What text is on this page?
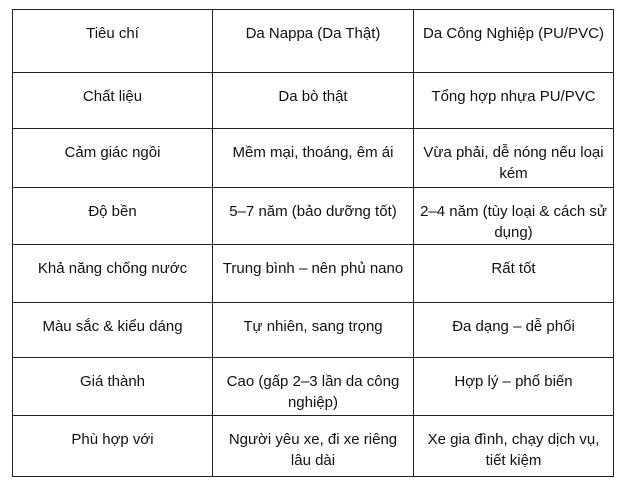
Tiêu chí	Da Nappa (Da Thật)	Da Công Nghiệp (PU/PVC)
Chất liệu	Da bò thật	Tổng hợp nhựa PU/PVC
Cảm giác ngồi	Mềm mại, thoáng, êm ái	Vừa phải, dễ nóng nếu loại kém
Độ bền	5–7 năm (bảo dưỡng tốt)	2–4 năm (tùy loại & cách sử dụng)
Khả năng chống nước	Trung bình – nên phủ nano	Rất tốt
Màu sắc & kiểu dáng	Tự nhiên, sang trọng	Đa dạng – dễ phối
Giá thành	Cao (gấp 2–3 lần da công nghiệp)	Hợp lý – phổ biến
Phù hợp với	Người yêu xe, đi xe riêng lâu dài	Xe gia đình, chạy dịch vụ, tiết kiệm
